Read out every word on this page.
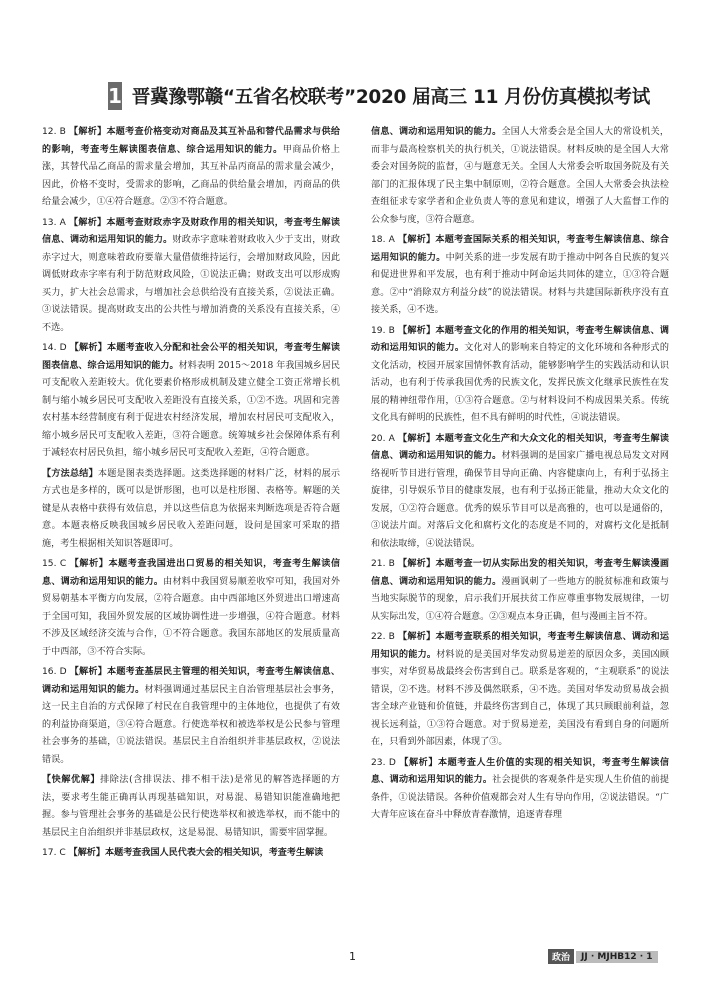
1 晋冀豫鄂赣“五省名校联考”2020 届高三 11 月份仿真模拟考试

12. B 【解析】本题考查价格变动对商品及其互补品和替代品需求与供给的影响，考查考生解读图表信息、综合运用知识的能力。甲商品价格上涨，其替代品乙商品的需求量会增加，其互补品丙商品的需求量会减少，因此，价格不变时，受需求的影响，乙商品的供给量会增加，丙商品的供给量会减少，①④符合题意。②③不符合题意。

13. A 【解析】本题考查财政赤字及财政作用的相关知识，考查考生解读信息、调动和运用知识的能力。财政赤字意味着财政收入少于支出，财政赤字过大，则意味着政府要靠大量借债维持运行，会增加财政风险，因此调低财政赤字率有利于防范财政风险，①说法正确；财政支出可以形成购买力，扩大社会总需求，与增加社会总供给没有直接关系，②说法正确。③说法错误。提高财政支出的公共性与增加消费的关系没有直接关系，④不选。

14. D 【解析】本题考查收入分配和社会公平的相关知识，考查考生解读图表信息、综合运用知识的能力。材料表明 2015～2018 年我国城乡居民可支配收入差距较大。优化要素价格形成机制及建立健全工资正常增长机制与缩小城乡居民可支配收入差距没有直接关系，①②不选。巩固和完善农村基本经营制度有利于促进农村经济发展，增加农村居民可支配收入，缩小城乡居民可支配收入差距，③符合题意。统筹城乡社会保障体系有利于减轻农村居民负担，缩小城乡居民可支配收入差距，④符合题意。

【方法总结】本题是图表类选择题。这类选择题的材料广泛，材料的展示方式也是多样的，既可以是饼形图，也可以是柱形图、表格等。解题的关键是从表格中获得有效信息，并以这些信息为依据来判断选项是否符合题意。本题表格反映我国城乡居民收入差距问题，设问是国家可采取的措施，考生根据相关知识答题即可。

15. C 【解析】本题考查我国进出口贸易的相关知识，考查考生解读信息、调动和运用知识的能力。由材料中我国贸易顺差收窄可知，我国对外贸易朝基本平衡方向发展，②符合题意。由中西部地区外贸进出口增速高于全国可知，我国外贸发展的区域协调性进一步增强，④符合题意。材料不涉及区域经济交流与合作，①不符合题意。我国东部地区的发展质量高于中西部，③不符合实际。

16. D 【解析】本题考查基层民主管理的相关知识，考查考生解读信息、调动和运用知识的能力。材料强调通过基层民主自治管理基层社会事务，这一民主自治的方式保障了村民在自我管理中的主体地位，也提供了有效的利益协商渠道，③④符合题意。行使选举权和被选举权是公民参与管理社会事务的基础，①说法错误。基层民主自治组织并非基层政权，②说法错误。

【快解优解】排除法(含排误法、排不相干法)是常见的解答选择题的方法，要求考生能正确再认再现基础知识，对易混、易错知识能准确地把握。参与管理社会事务的基础是公民行使选举权和被选举权，而不能中的基层民主自治组织并非基层政权，这是易混、易错知识，需要牢固掌握。

17. C 【解析】本题考查我国人民代表大会的相关知识，考查考生解读

信息、调动和运用知识的能力。全国人大常委会是全国人大的常设机关，而非与最高检察机关的执行机关，①说法错误。材料反映的是全国人大常委会对国务院的监督，④与题意无关。全国人大常委会听取国务院及有关部门的汇报体现了民主集中制原则，②符合题意。全国人大常委会执法检查组征求专家学者和企业负责人等的意见和建议，增强了人大监督工作的公众参与度，③符合题意。

18. A 【解析】本题考查国际关系的相关知识，考查考生解读信息、综合运用知识的能力。中阿关系的进一步发展有助于推动中阿各自民族的复兴和促进世界和平发展，也有利于推动中阿命运共同体的建立，①③符合题意。②中“消除双方利益分歧”的说法错误。材料与共建国际新秩序没有直接关系，④不选。

19. B 【解析】本题考查文化的作用的相关知识，考查考生解读信息、调动和运用知识的能力。文化对人的影响来自特定的文化环境和各种形式的文化活动，校园开展家国情怀教育活动，能够影响学生的实践活动和认识活动，也有利于传承我国优秀的民族文化，发挥民族文化继承民族性在发展的精神纽带作用，①③符合题意。②与材料设问不构成因果关系。传统文化具有鲜明的民族性，但不具有鲜明的时代性，④说法错误。

20. A 【解析】本题考查文化生产和大众文化的相关知识，考查考生解读信息、调动和运用知识的能力。材料强调的是国家广播电视总局发文对网络视听节目进行管理，确保节目导向正确、内容健康向上，有利于弘扬主旋律，引导娱乐节目的健康发展，也有利于弘扬正能量，推动大众文化的发展，①②符合题意。优秀的娱乐节目可以是高雅的，也可以是通俗的，③说法片面。对落后文化和腐朽文化的态度是不同的，对腐朽文化是抵制和依法取缔，④说法错误。

21. B 【解析】本题考查一切从实际出发的相关知识，考查考生解读漫画信息、调动和运用知识的能力。漫画讽刺了一些地方的脱贫标准和政策与当地实际脱节的现象，启示我们开展扶贫工作应尊重事物发展规律，一切从实际出发，①④符合题意。②③观点本身正确，但与漫画主旨不符。

22. B 【解析】本题考查联系的相关知识，考查考生解读信息、调动和运用知识的能力。材料说的是美国对华发动贸易逆差的原因众多，美国凶顾事实，对华贸易战最终会伤害到自己。联系是客观的，“主观联系”的说法错误，②不选。材料不涉及偶然联系，④不选。美国对华发动贸易战会损害全球产业链和价值链，并最终伤害到自己，体现了其只顾眼前利益，忽视长远利益，①③符合题意。对于贸易逆差，美国没有看到自身的问题所在，只看到外部因素，体现了③。

23. D 【解析】本题考查人生价值的实现的相关知识，考查考生解读信息、调动和运用知识的能力。社会提供的客观条件是实现人生价值的前提条件，①说法错误。各种价值观都会对人生有导向作用，②说法错误。“广大青年应该在奋斗中释放青春激情，追逐青春理

1	政治	JJ · MJHB12 · 1
